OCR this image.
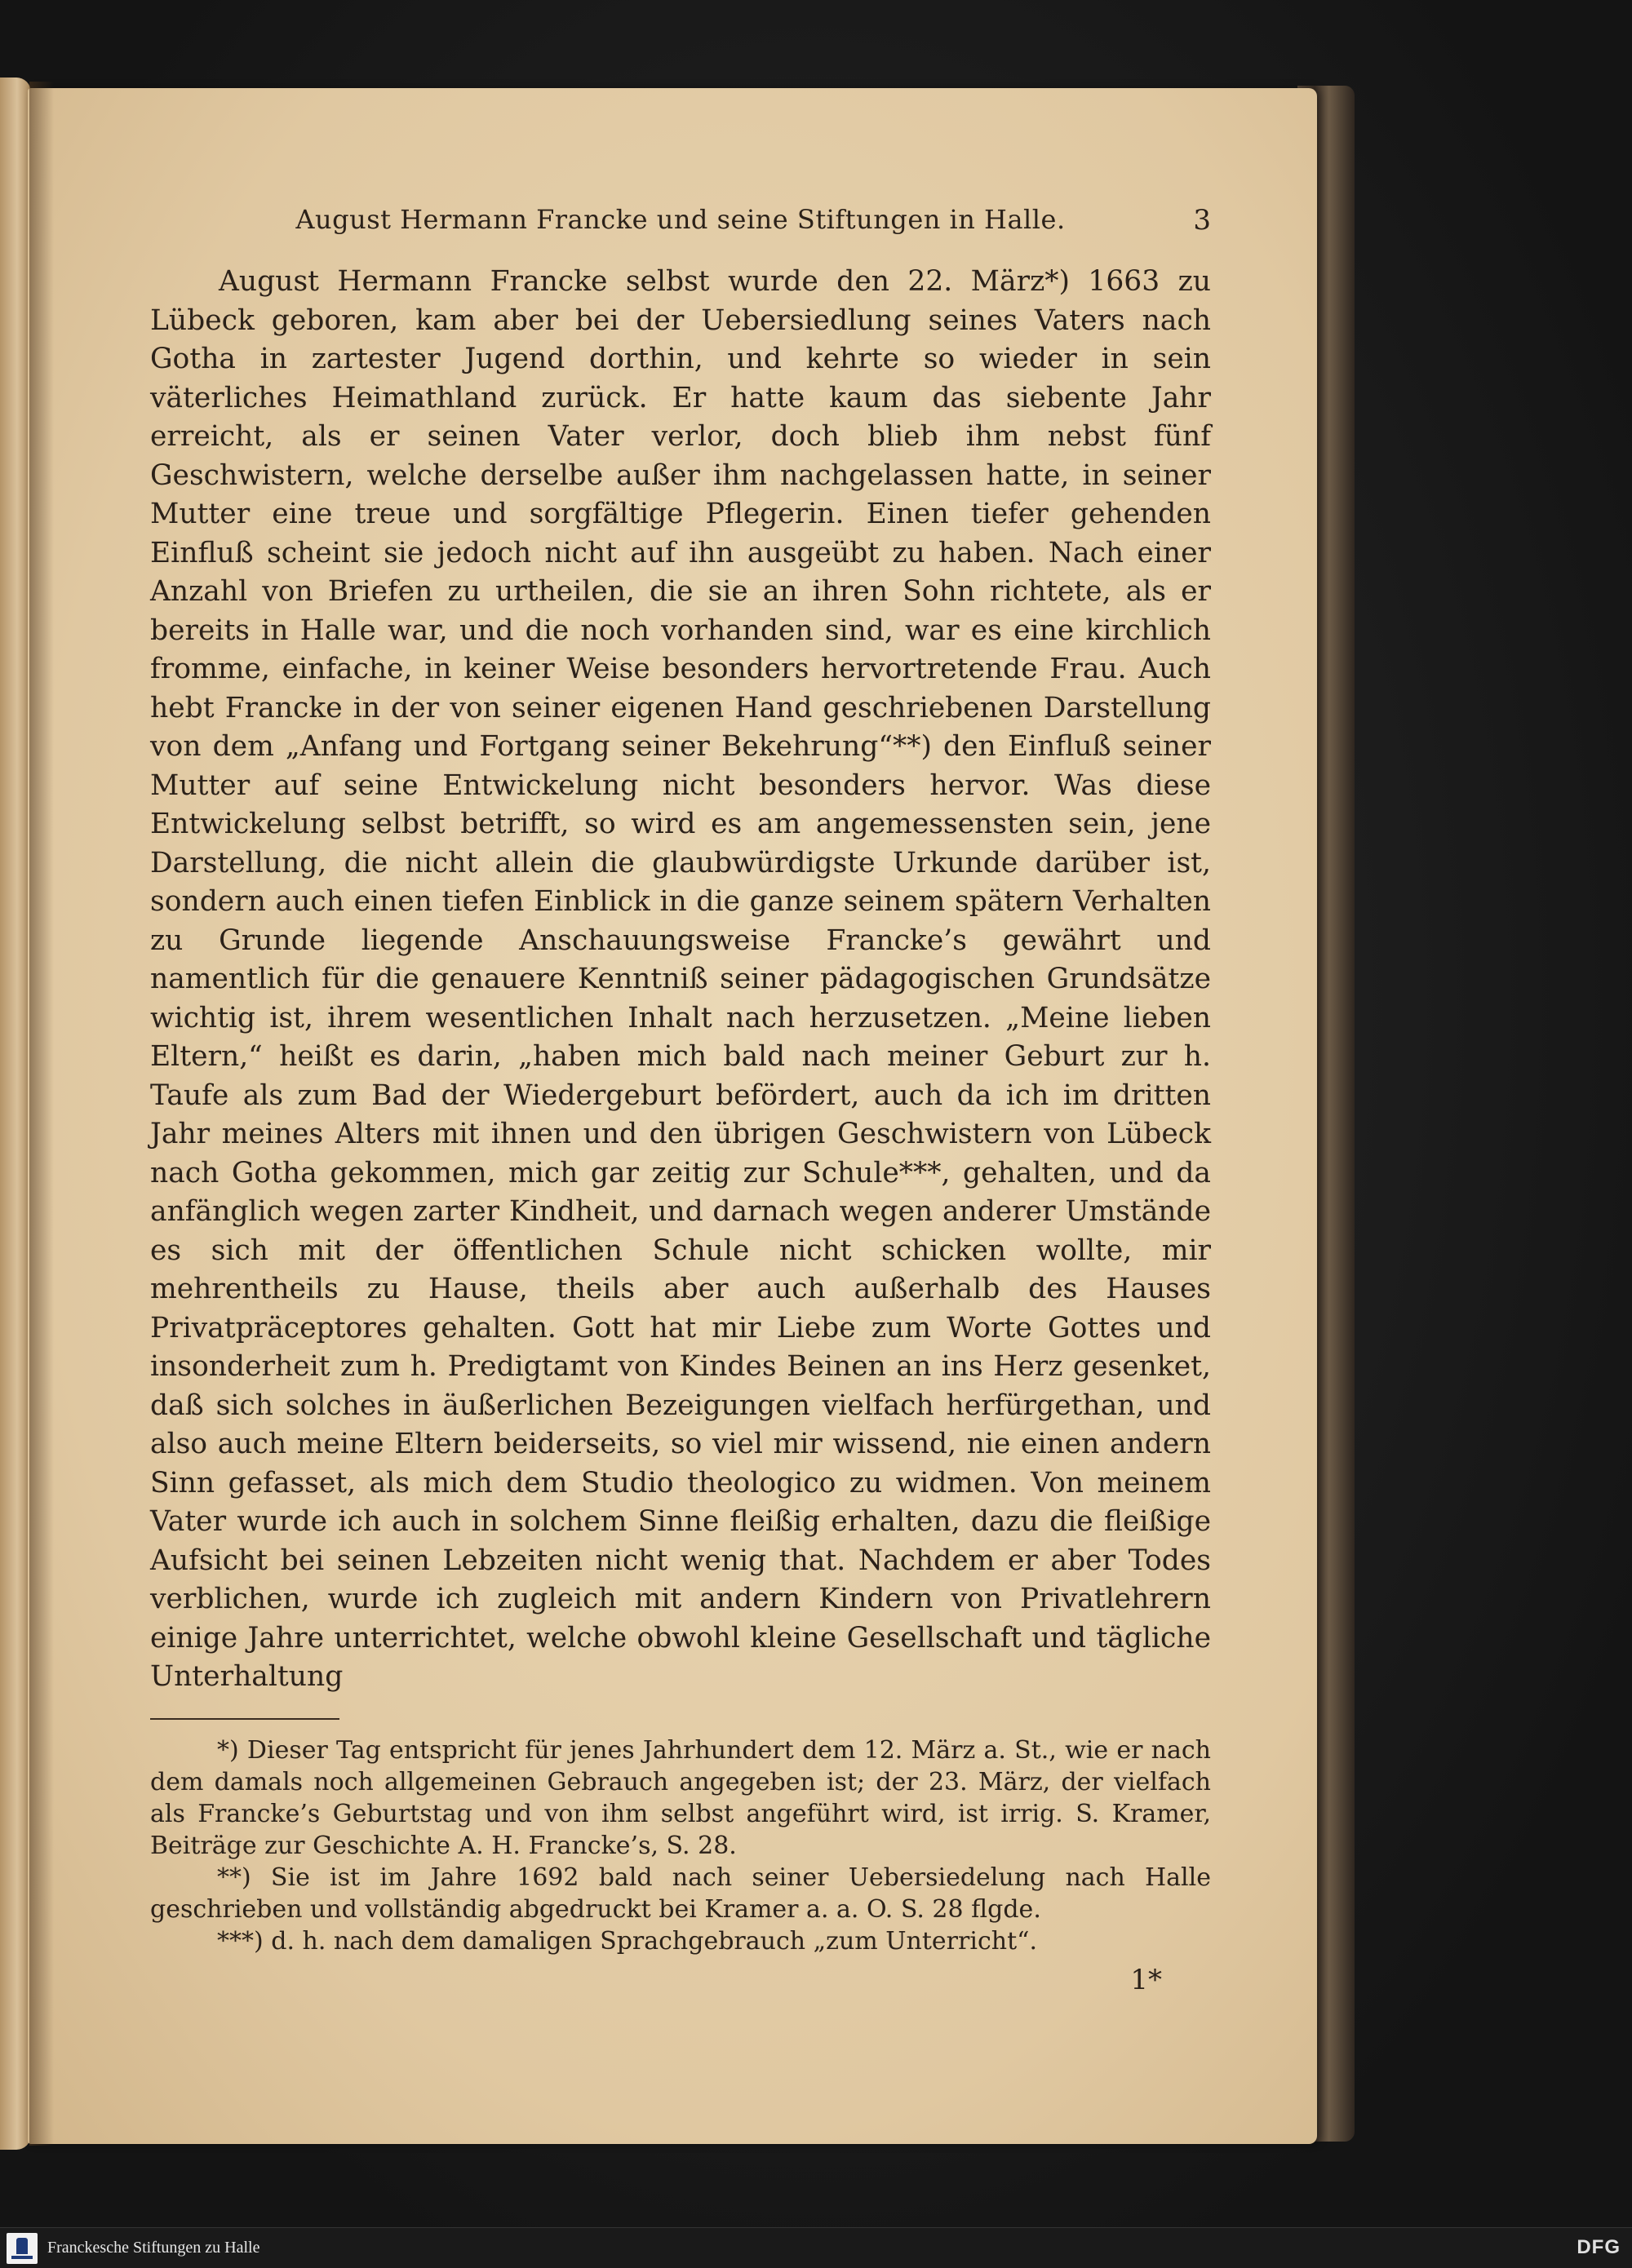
August Hermann Francke und seine Stiftungen in Halle.	3
August Hermann Francke selbst wurde den 22. März*) 1663 zu Lübeck geboren, kam aber bei der Uebersiedlung seines Vaters nach Gotha in zartester Jugend dorthin, und kehrte so wieder in sein väterliches Heimathland zurück. Er hatte kaum das siebente Jahr erreicht, als er seinen Vater verlor, doch blieb ihm nebst fünf Geschwistern, welche derselbe außer ihm nachgelassen hatte, in seiner Mutter eine treue und sorgfältige Pflegerin. Einen tiefer gehenden Einfluß scheint sie jedoch nicht auf ihn ausgeübt zu haben. Nach einer Anzahl von Briefen zu urtheilen, die sie an ihren Sohn richtete, als er bereits in Halle war, und die noch vorhanden sind, war es eine kirchlich fromme, einfache, in keiner Weise besonders hervortretende Frau. Auch hebt Francke in der von seiner eigenen Hand geschriebenen Darstellung von dem „Anfang und Fortgang seiner Bekehrung“**) den Einfluß seiner Mutter auf seine Entwickelung nicht besonders hervor. Was diese Entwickelung selbst betrifft, so wird es am angemessensten sein, jene Darstellung, die nicht allein die glaubwürdigste Urkunde darüber ist, sondern auch einen tiefen Einblick in die ganze seinem spätern Verhalten zu Grunde liegende Anschauungsweise Francke’s gewährt und namentlich für die genauere Kenntniß seiner pädagogischen Grundsätze wichtig ist, ihrem wesentlichen Inhalt nach herzusetzen. „Meine lieben Eltern,“ heißt es darin, „haben mich bald nach meiner Geburt zur h. Taufe als zum Bad der Wiedergeburt befördert, auch da ich im dritten Jahr meines Alters mit ihnen und den übrigen Geschwistern von Lübeck nach Gotha gekommen, mich gar zeitig zur Schule***, gehalten, und da anfänglich wegen zarter Kindheit, und darnach wegen anderer Umstände es sich mit der öffentlichen Schule nicht schicken wollte, mir mehrentheils zu Hause, theils aber auch außerhalb des Hauses Privatpräceptores gehalten. Gott hat mir Liebe zum Worte Gottes und insonderheit zum h. Predigtamt von Kindes Beinen an ins Herz gesenket, daß sich solches in äußerlichen Bezeigungen vielfach herfürgethan, und also auch meine Eltern beiderseits, so viel mir wissend, nie einen andern Sinn gefasset, als mich dem Studio theologico zu widmen. Von meinem Vater wurde ich auch in solchem Sinne fleißig erhalten, dazu die fleißige Aufsicht bei seinen Lebzeiten nicht wenig that. Nachdem er aber Todes verblichen, wurde ich zugleich mit andern Kindern von Privatlehrern einige Jahre unterrichtet, welche obwohl kleine Gesellschaft und tägliche Unterhaltung

*) Dieser Tag entspricht für jenes Jahrhundert dem 12. März a. St., wie er nach dem damals noch allgemeinen Gebrauch angegeben ist; der 23. März, der vielfach als Francke’s Geburtstag und von ihm selbst angeführt wird, ist irrig. S. Kramer, Beiträge zur Geschichte A. H. Francke’s, S. 28.

**) Sie ist im Jahre 1692 bald nach seiner Uebersiedelung nach Halle geschrieben und vollständig abgedruckt bei Kramer a. a. O. S. 28 flgde.

***) d. h. nach dem damaligen Sprachgebrauch „zum Unterricht“.

1*
Franckesche Stiftungen zu Halle	DFG
